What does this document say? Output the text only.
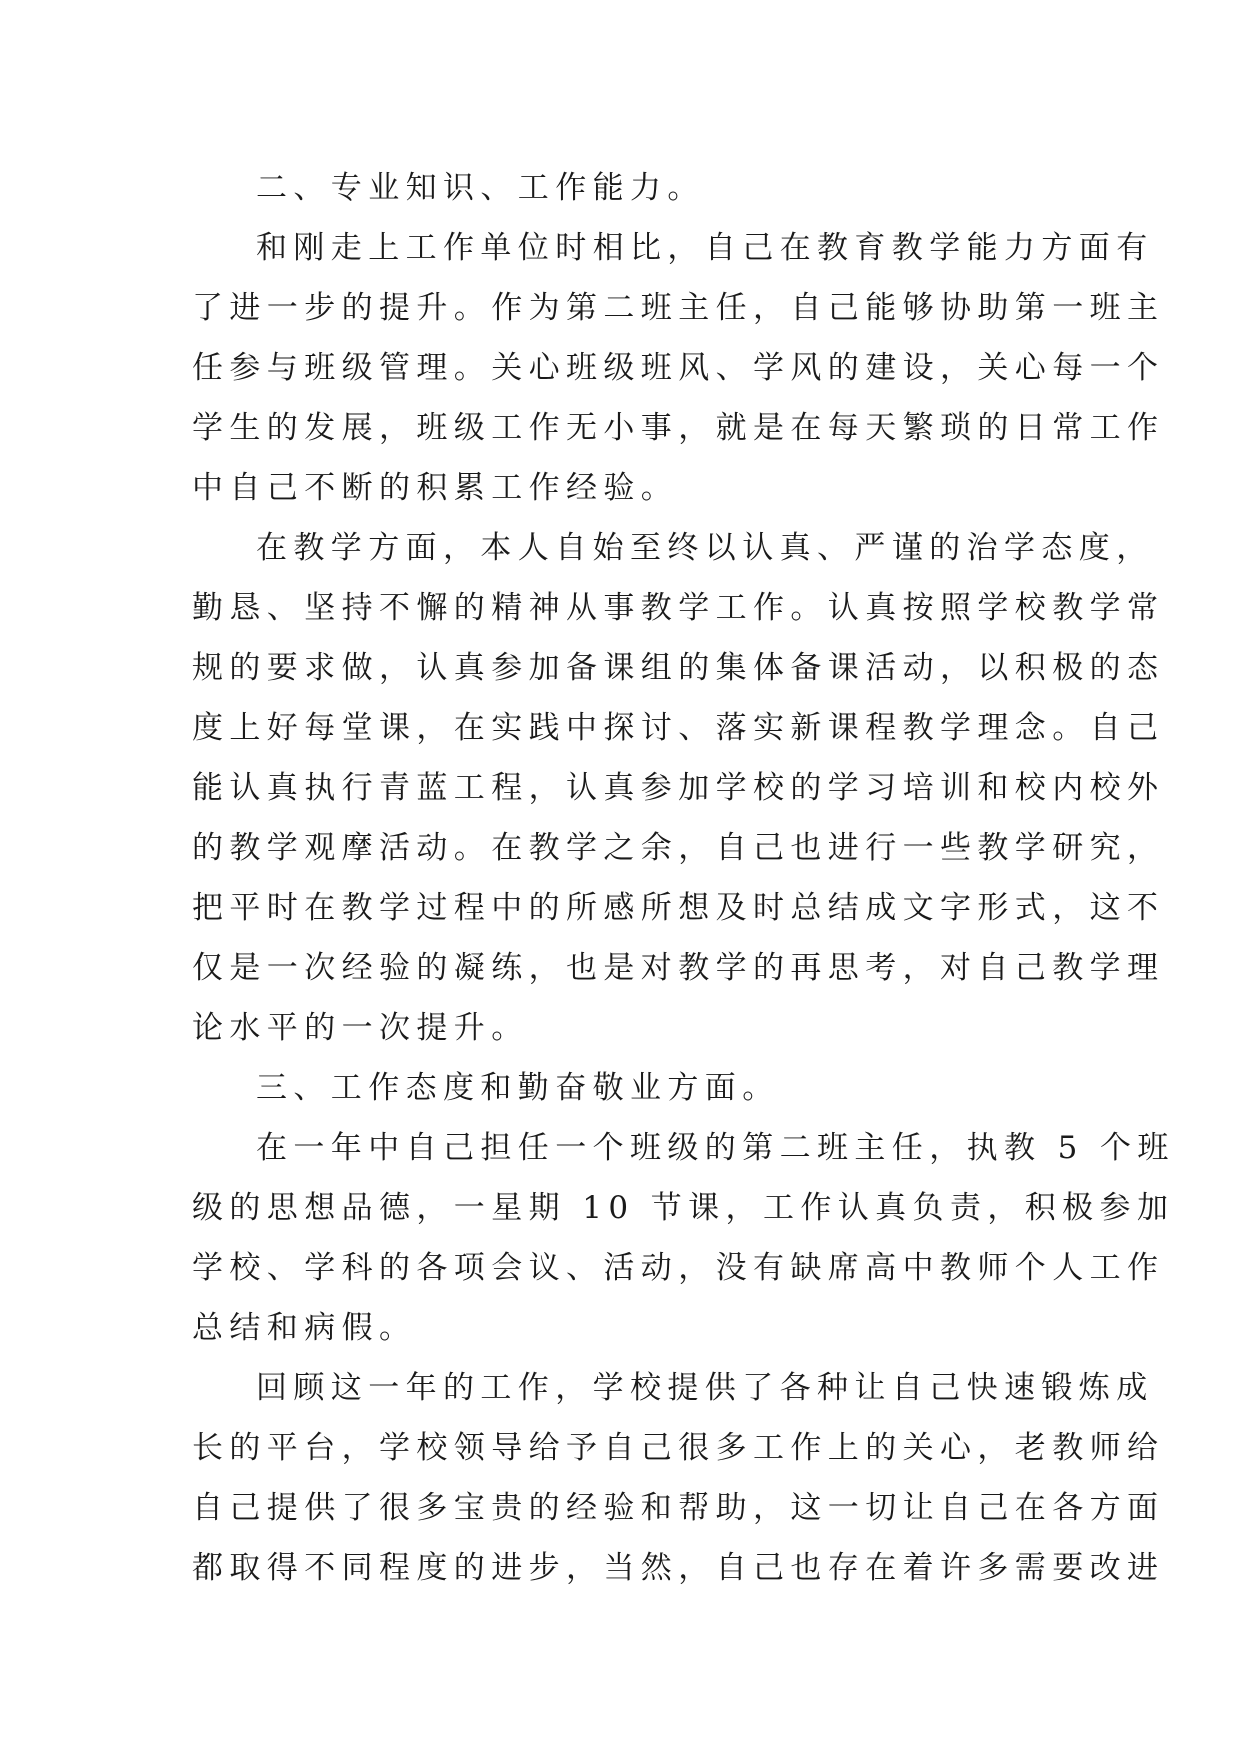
二、专业知识、工作能力。

和刚走上工作单位时相比，自己在教育教学能力方面有

了进一步的提升。作为第二班主任，自己能够协助第一班主

任参与班级管理。关心班级班风、学风的建设，关心每一个

学生的发展，班级工作无小事，就是在每天繁琐的日常工作

中自己不断的积累工作经验。

在教学方面，本人自始至终以认真、严谨的治学态度，

勤恳、坚持不懈的精神从事教学工作。认真按照学校教学常

规的要求做，认真参加备课组的集体备课活动，以积极的态

度上好每堂课，在实践中探讨、落实新课程教学理念。自己

能认真执行青蓝工程，认真参加学校的学习培训和校内校外

的教学观摩活动。在教学之余，自己也进行一些教学研究，

把平时在教学过程中的所感所想及时总结成文字形式，这不

仅是一次经验的凝练，也是对教学的再思考，对自己教学理

论水平的一次提升。

三、工作态度和勤奋敬业方面。

在一年中自己担任一个班级的第二班主任，执教 5 个班

级的思想品德，一星期 10 节课，工作认真负责，积极参加

学校、学科的各项会议、活动，没有缺席高中教师个人工作

总结和病假。

回顾这一年的工作，学校提供了各种让自己快速锻炼成

长的平台，学校领导给予自己很多工作上的关心，老教师给

自己提供了很多宝贵的经验和帮助，这一切让自己在各方面

都取得不同程度的进步，当然，自己也存在着许多需要改进
